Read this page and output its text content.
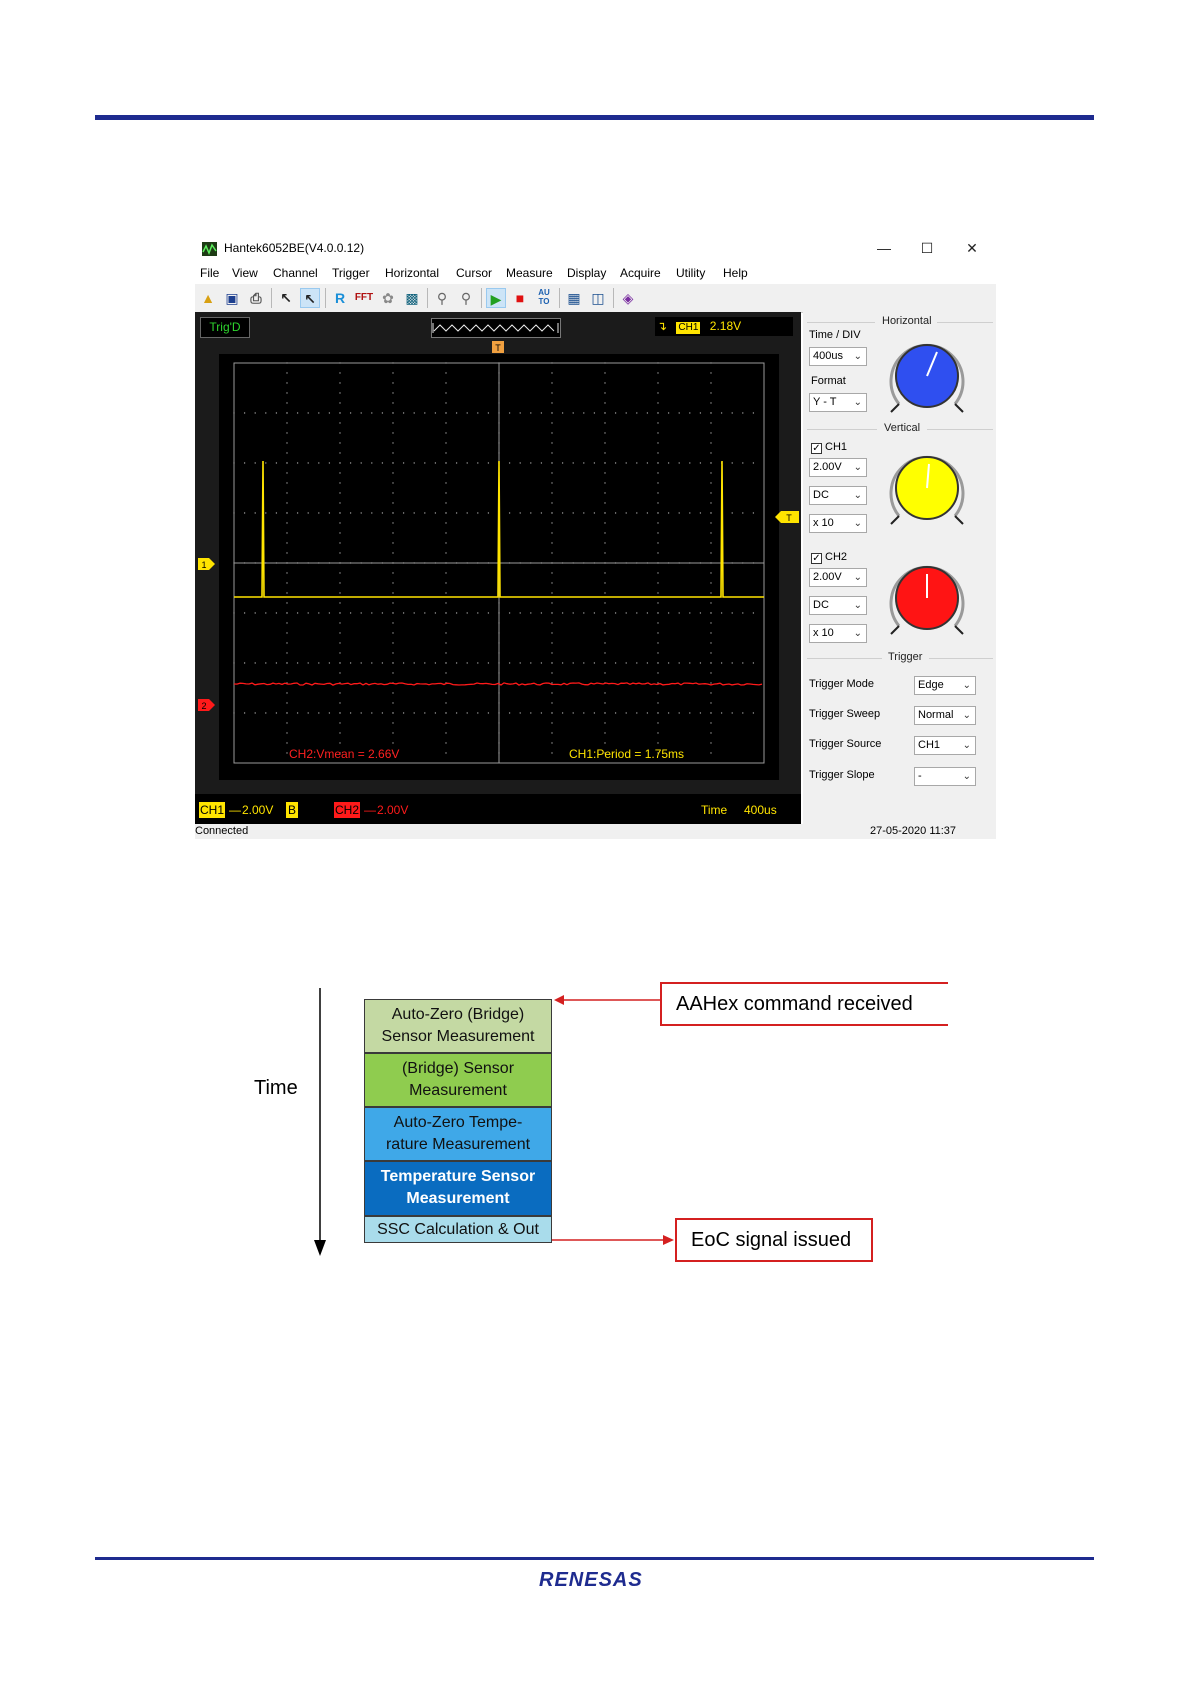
Hantek6052BE(V4.0.0.12)	—	☐	✕
File View Channel Trigger Horizontal Cursor Measure Display Acquire Utility Help
▲ ▣ ⎙	↖ ↖	R FFT ✿ ▩	⚲ ⚲	▶	■	AU
TO	▦ ◫	◈
Trig'D	↴ CH1 2.18V
CH2:Vmean = 2.66V	CH1:Period = 1.75ms
T
1
2
T
CH1 — 2.00V B	CH2 — 2.00V	Time 400us
Horizontal
Time / DIV
400us ⌄
Format
Y - T ⌄
Vertical
✓ CH1
2.00V ⌄
DC ⌄
x 10 ⌄
✓ CH2
2.00V ⌄
DC ⌄
x 10 ⌄
Trigger
Trigger Mode	Edge ⌄
Trigger Sweep	Normal ⌄
Trigger Source	CH1 ⌄
Trigger Slope	-	⌄
Connected	27-05-2020 11:37
Time
Auto-Zero (Bridge)
Sensor Measurement
(Bridge) Sensor
Measurement
Auto-Zero Tempe-
rature Measurement
Temperature Sensor
Measurement
SSC Calculation & Out
AAHex command received
EoC signal issued
RENESAS
